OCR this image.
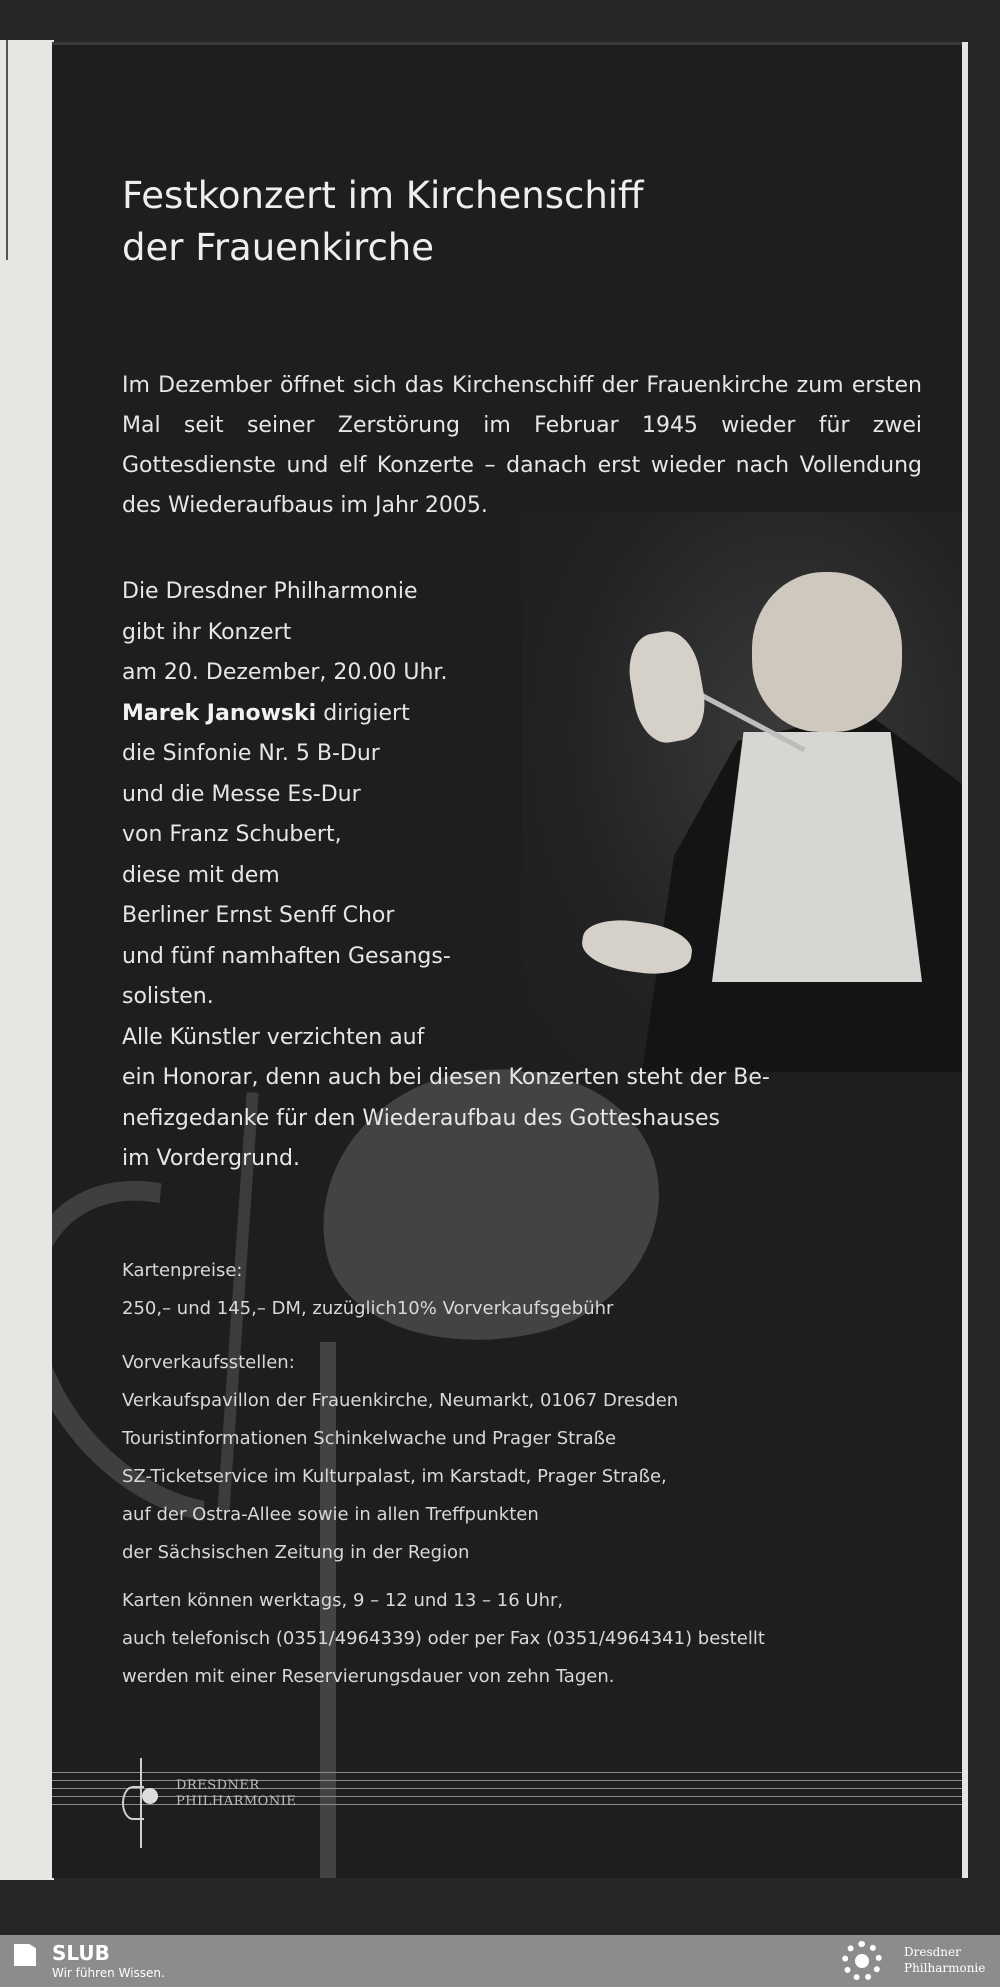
Festkonzert im Kirchenschiff
der Frauenkirche

Im Dezember öffnet sich das Kirchenschiff der Frauenkirche zum ersten Mal seit seiner Zerstörung im Februar 1945 wieder für zwei Gottesdienste und elf Konzerte – danach erst wieder nach Vollendung des Wiederaufbaus im Jahr 2005.

Die Dresdner Philharmonie
gibt ihr Konzert
am 20. Dezember, 20.00 Uhr.
Marek Janowski dirigiert
die Sinfonie Nr. 5 B-Dur
und die Messe Es-Dur
von Franz Schubert,
diese mit dem
Berliner Ernst Senff Chor
und fünf namhaften Gesangs-
solisten.
Alle Künstler verzichten auf
ein Honorar, denn auch bei diesen Konzerten steht der Be-
nefizgedanke für den Wiederaufbau des Gotteshauses
im Vordergrund.

Kartenpreise:
250,– und 145,– DM, zuzüglich10% Vorverkaufsgebühr

Vorverkaufsstellen:
Verkaufspavillon der Frauenkirche, Neumarkt, 01067 Dresden
Touristinformationen Schinkelwache und Prager Straße
SZ-Ticketservice im Kulturpalast, im Karstadt, Prager Straße,
auf der Ostra-Allee sowie in allen Treffpunkten
der Sächsischen Zeitung in der Region

Karten können werktags, 9 – 12 und 13 – 16 Uhr,
auch telefonisch (0351/4964339) oder per Fax (0351/4964341) bestellt
werden mit einer Reservierungsdauer von zehn Tagen.

DRESDNER
PHILHARMONIE
SLUB
Wir führen Wissen.
Dresdner
Philharmonie
